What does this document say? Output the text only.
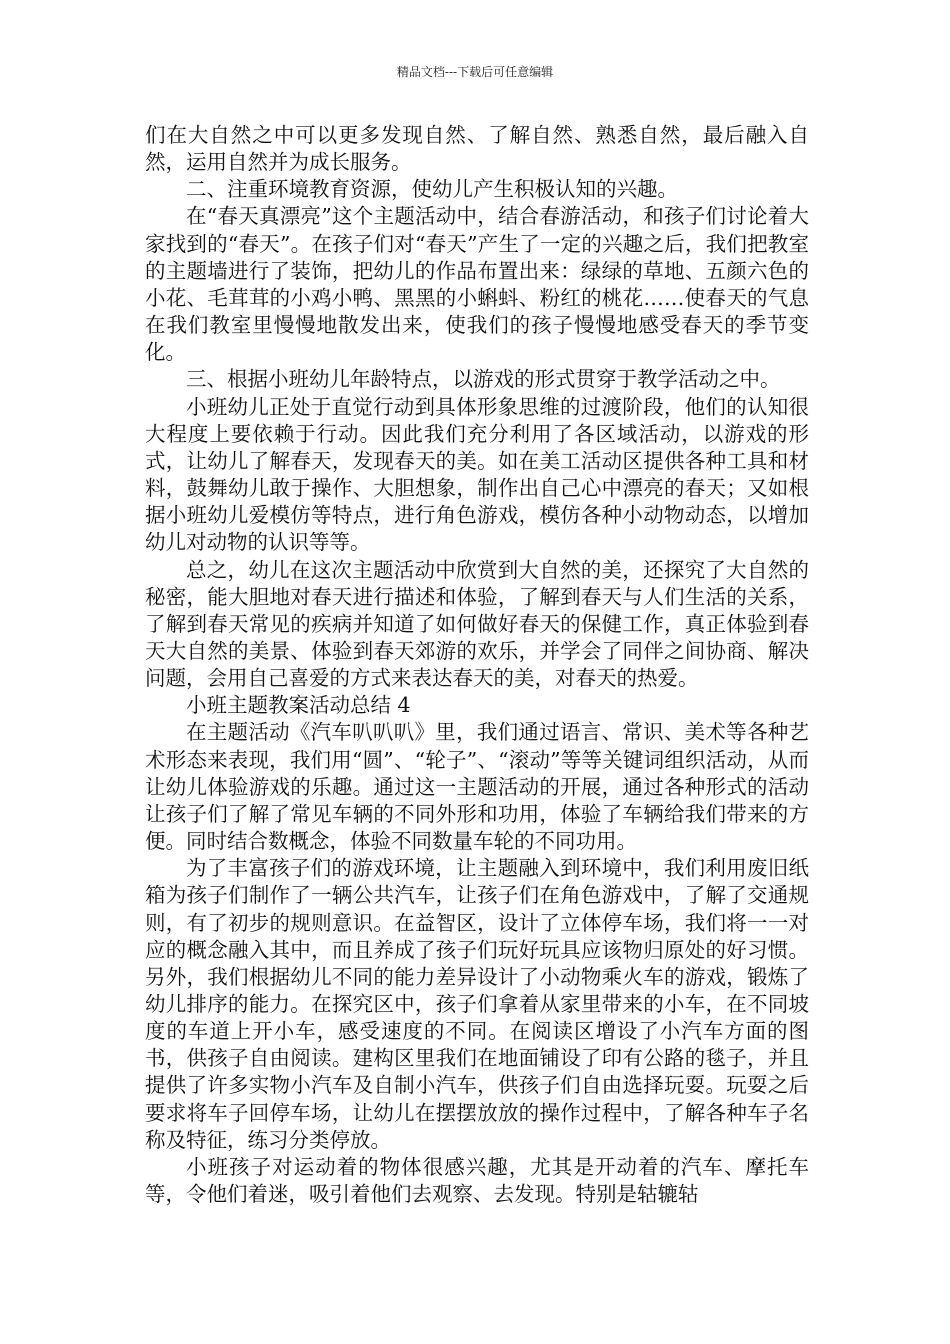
精品文档---下载后可任意编辑

们在大自然之中可以更多发现自然、了解自然、熟悉自然，最后融入自然，运用自然并为成长服务。

二、注重环境教育资源，使幼儿产生积极认知的兴趣。

在“春天真漂亮”这个主题活动中，结合春游活动，和孩子们讨论着大家找到的“春天”。在孩子们对“春天”产生了一定的兴趣之后，我们把教室的主题墙进行了装饰，把幼儿的作品布置出来：绿绿的草地、五颜六色的小花、毛茸茸的小鸡小鸭、黑黑的小蝌蚪、粉红的桃花……使春天的气息在我们教室里慢慢地散发出来，使我们的孩子慢慢地感受春天的季节变化。

三、根据小班幼儿年龄特点，以游戏的形式贯穿于教学活动之中。

小班幼儿正处于直觉行动到具体形象思维的过渡阶段，他们的认知很大程度上要依赖于行动。因此我们充分利用了各区域活动，以游戏的形式，让幼儿了解春天，发现春天的美。如在美工活动区提供各种工具和材料，鼓舞幼儿敢于操作、大胆想象，制作出自己心中漂亮的春天；又如根据小班幼儿爱模仿等特点，进行角色游戏，模仿各种小动物动态，以增加幼儿对动物的认识等等。

总之，幼儿在这次主题活动中欣赏到大自然的美，还探究了大自然的秘密，能大胆地对春天进行描述和体验，了解到春天与人们生活的关系，了解到春天常见的疾病并知道了如何做好春天的保健工作，真正体验到春天大自然的美景、体验到春天郊游的欢乐，并学会了同伴之间协商、解决问题，会用自己喜爱的方式来表达春天的美，对春天的热爱。

小班主题教案活动总结 4

在主题活动《汽车叭叭叭》里，我们通过语言、常识、美术等各种艺术形态来表现，我们用“圆”、“轮子”、“滚动”等等关键词组织活动，从而让幼儿体验游戏的乐趣。通过这一主题活动的开展，通过各种形式的活动让孩子们了解了常见车辆的不同外形和功用，体验了车辆给我们带来的方便。同时结合数概念，体验不同数量车轮的不同功用。

为了丰富孩子们的游戏环境，让主题融入到环境中，我们利用废旧纸箱为孩子们制作了一辆公共汽车，让孩子们在角色游戏中，了解了交通规则，有了初步的规则意识。在益智区，设计了立体停车场，我们将一一对应的概念融入其中，而且养成了孩子们玩好玩具应该物归原处的好习惯。另外，我们根据幼儿不同的能力差异设计了小动物乘火车的游戏，锻炼了幼儿排序的能力。在探究区中，孩子们拿着从家里带来的小车，在不同坡度的车道上开小车，感受速度的不同。在阅读区增设了小汽车方面的图书，供孩子自由阅读。建构区里我们在地面铺设了印有公路的毯子，并且提供了许多实物小汽车及自制小汽车，供孩子们自由选择玩耍。玩耍之后要求将车子回停车场，让幼儿在摆摆放放的操作过程中，了解各种车子名称及特征，练习分类停放。

小班孩子对运动着的物体很感兴趣，尤其是开动着的汽车、摩托车等，令他们着迷，吸引着他们去观察、去发现。特别是轱辘轱
